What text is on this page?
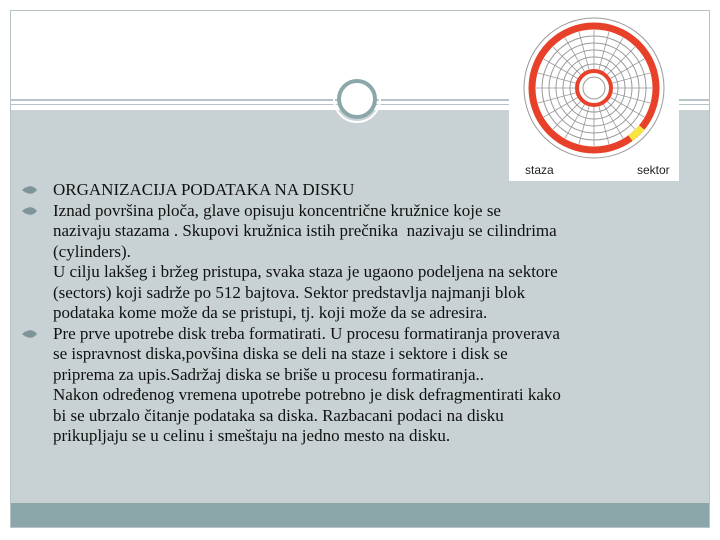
staza	sektor
ORGANIZACIJA PODATAKA NA DISKU
Iznad površina ploča, glave opisuju koncentrične kružnice koje se
nazivaju stazama . Skupovi kružnica istih prečnika  nazivaju se cilindrima
(cylinders).
U cilju lakšeg i bržeg pristupa, svaka staza je ugaono podeljena na sektore
(sectors) koji sadrže po 512 bajtova. Sektor predstavlja najmanji blok
podataka kome može da se pristupi, tj. koji može da se adresira.
Pre prve upotrebe disk treba formatirati. U procesu formatiranja proverava
se ispravnost diska,povšina diska se deli na staze i sektore i disk se
priprema za upis.Sadržaj diska se briše u procesu formatiranja..
Nakon određenog vremena upotrebe potrebno je disk defragmentirati kako
bi se ubrzalo čitanje podataka sa diska. Razbacani podaci na disku
prikupljaju se u celinu i smeštaju na jedno mesto na disku.
